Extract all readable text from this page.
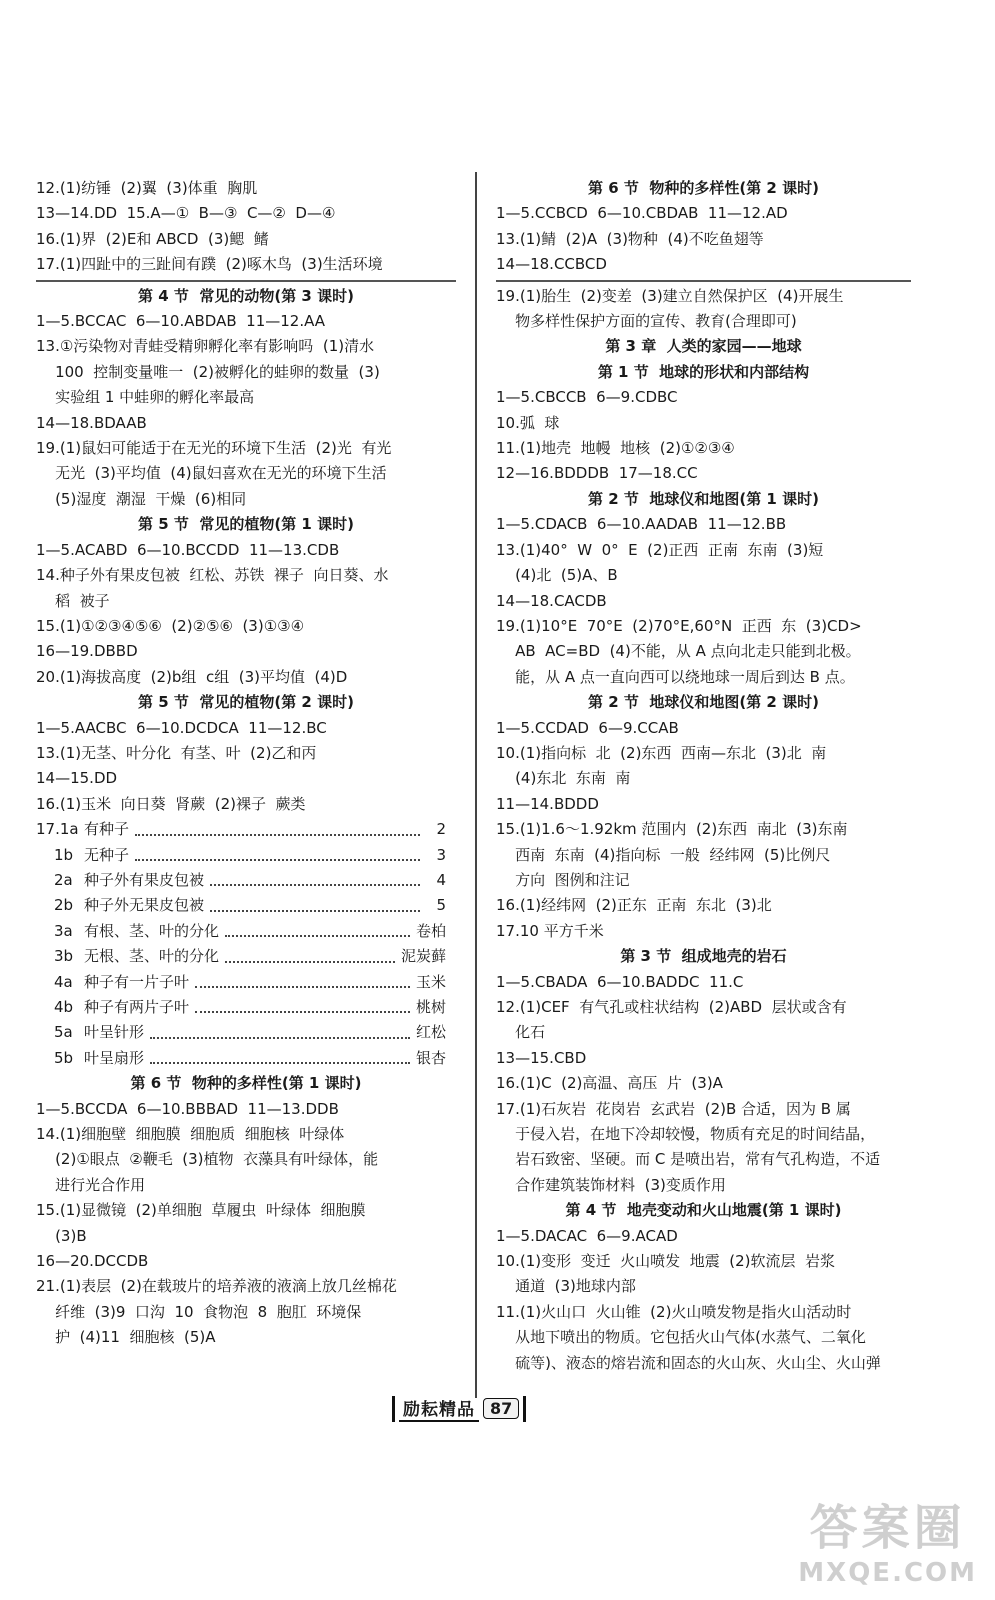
12.(1)纺锤  (2)翼  (3)体重  胸肌
13—14.DD  15.A—①  B—③  C—②  D—④
16.(1)界  (2)E和 ABCD  (3)鳃  鳍
17.(1)四趾中的三趾间有蹼  (2)啄木鸟  (3)生活环境
第 4 节  常见的动物(第 3 课时)
1—5.BCCAC  6—10.ABDAB  11—12.AA
13.①污染物对青蛙受精卵孵化率有影响吗  (1)清水
100  控制变量唯一  (2)被孵化的蛙卵的数量  (3)
实验组 1 中蛙卵的孵化率最高
14—18.BDAAB
19.(1)鼠妇可能适于在无光的环境下生活  (2)光  有光
无光  (3)平均值  (4)鼠妇喜欢在无光的环境下生活
(5)湿度  潮湿  干燥  (6)相同
第 5 节  常见的植物(第 1 课时)
1—5.ACABD  6—10.BCCDD  11—13.CDB
14.种子外有果皮包被  红松、苏铁  裸子  向日葵、水
稻  被子
15.(1)①②③④⑤⑥  (2)②⑤⑥  (3)①③④
16—19.DBBD
20.(1)海拔高度  (2)b组  c组  (3)平均值  (4)D
第 5 节  常见的植物(第 2 课时)
1—5.AACBC  6—10.DCDCA  11—12.BC
13.(1)无茎、叶分化  有茎、叶  (2)乙和丙
14—15.DD
16.(1)玉米  向日葵  肾蕨  (2)裸子  蕨类
17.1a 有种子	2
1b 无种子	3
2a 种子外有果皮包被	4
2b 种子外无果皮包被	5
3a 有根、茎、叶的分化	卷柏
3b 无根、茎、叶的分化	泥炭藓
4a 种子有一片子叶	玉米
4b 种子有两片子叶	桃树
5a 叶呈针形	红松
5b 叶呈扇形	银杏
第 6 节  物种的多样性(第 1 课时)
1—5.BCCDA  6—10.BBBAD  11—13.DDB
14.(1)细胞壁  细胞膜  细胞质  细胞核  叶绿体
(2)①眼点  ②鞭毛  (3)植物  衣藻具有叶绿体，能
进行光合作用
15.(1)显微镜  (2)单细胞  草履虫  叶绿体  细胞膜
(3)B
16—20.DCCDB
21.(1)表层  (2)在载玻片的培养液的液滴上放几丝棉花
纤维  (3)9  口沟  10  食物泡  8  胞肛  环境保
护  (4)11  细胞核  (5)A
第 6 节  物种的多样性(第 2 课时)
1—5.CCBCD  6—10.CBDAB  11—12.AD
13.(1)鲭  (2)A  (3)物种  (4)不吃鱼翅等
14—18.CCBCD
19.(1)胎生  (2)变差  (3)建立自然保护区  (4)开展生
物多样性保护方面的宣传、教育(合理即可)
第 3 章  人类的家园——地球
第 1 节  地球的形状和内部结构
1—5.CBCCB  6—9.CDBC
10.弧  球
11.(1)地壳  地幔  地核  (2)①②③④
12—16.BDDDB  17—18.CC
第 2 节  地球仪和地图(第 1 课时)
1—5.CDACB  6—10.AADAB  11—12.BB
13.(1)40°  W  0°  E  (2)正西  正南  东南  (3)短
(4)北  (5)A、B
14—18.CACDB
19.(1)10°E  70°E  (2)70°E,60°N  正西  东  (3)CD>
AB  AC=BD  (4)不能，从 A 点向北走只能到北极。
能，从 A 点一直向西可以绕地球一周后到达 B 点。
第 2 节  地球仪和地图(第 2 课时)
1—5.CCDAD  6—9.CCAB
10.(1)指向标  北  (2)东西  西南—东北  (3)北  南
(4)东北  东南  南
11—14.BDDD
15.(1)1.6～1.92km 范围内  (2)东西  南北  (3)东南
西南  东南  (4)指向标  一般  经纬网  (5)比例尺
方向  图例和注记
16.(1)经纬网  (2)正东  正南  东北  (3)北
17.10 平方千米
第 3 节  组成地壳的岩石
1—5.CBADA  6—10.BADDC  11.C
12.(1)CEF  有气孔或柱状结构  (2)ABD  层状或含有
化石
13—15.CBD
16.(1)C  (2)高温、高压  片  (3)A
17.(1)石灰岩  花岗岩  玄武岩  (2)B 合适，因为 B 属
于侵入岩，在地下冷却较慢，物质有充足的时间结晶，
岩石致密、坚硬。而 C 是喷出岩，常有气孔构造，不适
合作建筑装饰材料  (3)变质作用
第 4 节  地壳变动和火山地震(第 1 课时)
1—5.DACAC  6—9.ACAD
10.(1)变形  变迁  火山喷发  地震  (2)软流层  岩浆
通道  (3)地球内部
11.(1)火山口  火山锥  (2)火山喷发物是指火山活动时
从地下喷出的物质。它包括火山气体(水蒸气、二氧化
硫等)、液态的熔岩流和固态的火山灰、火山尘、火山弹
励耘精品 87
答案圈
MXQE.COM
